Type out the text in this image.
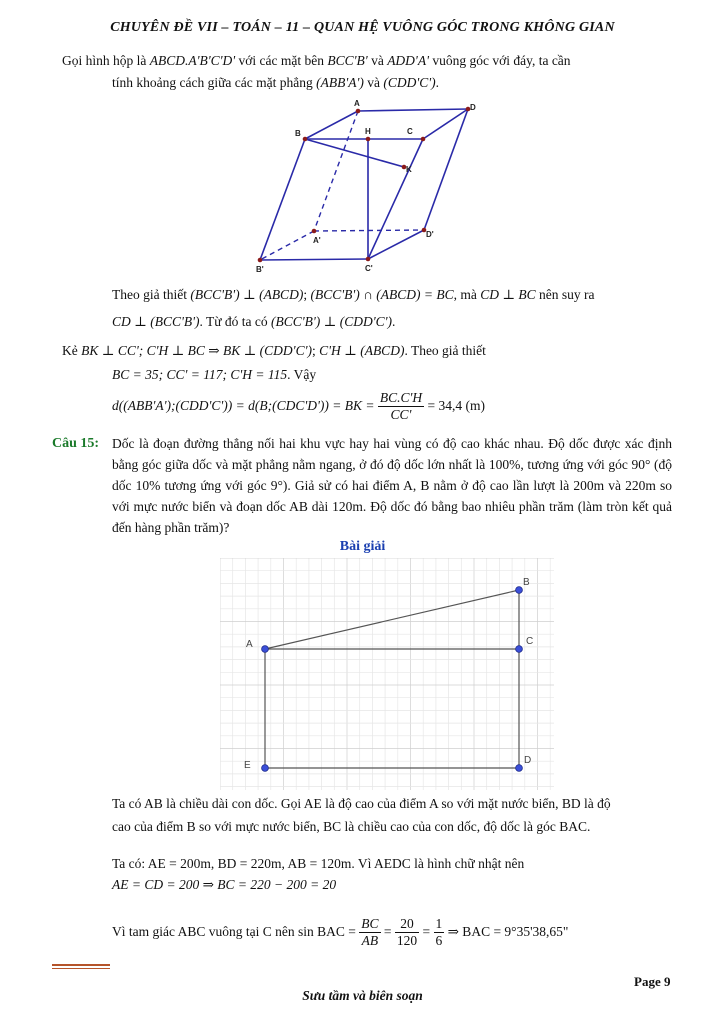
CHUYÊN ĐỀ VII – TOÁN – 11 – QUAN HỆ VUÔNG GÓC TRONG KHÔNG GIAN
Gọi hình hộp là ABCD.A'B'C'D' với các mặt bên BCC'B' và ADD'A' vuông góc với đáy, ta cần
tính khoảng cách giữa các mặt phẳng (ABB'A') và (CDD'C').
A	D
B	H	C
K
A'
D'
B'	C'
Theo giả thiết (BCC'B') ⊥ (ABCD); (BCC'B') ∩ (ABCD) = BC, mà CD ⊥ BC nên suy ra
CD ⊥ (BCC'B'). Từ đó ta có (BCC'B') ⊥ (CDD'C').
Kẻ BK ⊥ CC'; C'H ⊥ BC ⇒ BK ⊥ (CDD'C'); C'H ⊥ (ABCD). Theo giả thiết
BC = 35; CC' = 117; C'H = 115. Vậy
d((ABB'A');(CDD'C')) = d(B;(CDC'D')) = BK = $\frac{BC.C'H}{CC'} = 34,4$ (m)
Câu 15: Dốc là đoạn đường thẳng nối hai khu vực hay hai vùng có độ cao khác nhau. Độ dốc được xác định bằng góc giữa dốc và mặt phẳng nằm ngang, ở đó độ dốc lớn nhất là 100%, tương ứng với góc 90° (độ dốc 10% tương ứng với góc 9°). Giả sử có hai điểm A, B nằm ở độ cao lần lượt là 200m và 220m so với mực nước biển và đoạn dốc AB dài 120m. Độ dốc đó bằng bao nhiêu phần trăm (làm tròn kết quả đến hàng phần trăm)?
Bài giải
A
B
C
D
E
Ta có AB là chiều dài con dốc. Gọi AE là độ cao của điểm A so với mặt nước biển, BD là độ
cao của điểm B so với mực nước biển, BC là chiều cao của con dốc, độ dốc là góc BAC.
Ta có: AE = 200m, BD = 220m, AB = 120m. Vì AEDC là hình chữ nhật nên
AE = CD = 200 ⇒ BC = 220 − 200 = 20
Vì tam giác ABC vuông tại C nên sin BAC = $\frac{BC}{AB} = \frac{20}{120} = \frac{1}{6}$ ⇒ BAC = 9°35'38,65"
Page 9
Sưu tầm và biên soạn
